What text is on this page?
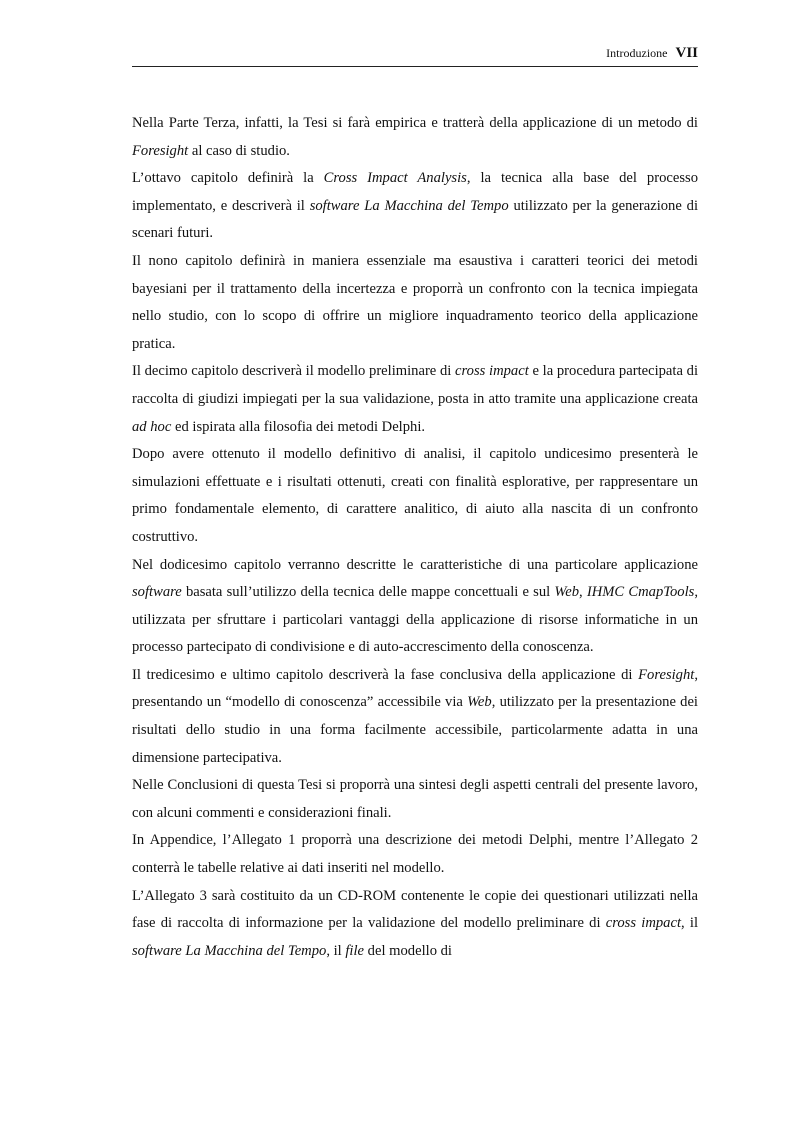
Introduzione VII

Nella Parte Terza, infatti, la Tesi si farà empirica e tratterà della applicazione di un metodo di Foresight al caso di studio.

L’ottavo capitolo definirà la Cross Impact Analysis, la tecnica alla base del processo implementato, e descriverà il software La Macchina del Tempo utilizzato per la generazione di scenari futuri.

Il nono capitolo definirà in maniera essenziale ma esaustiva i caratteri teorici dei metodi bayesiani per il trattamento della incertezza e proporrà un confronto con la tecnica impiegata nello studio, con lo scopo di offrire un migliore inquadramento teorico della applicazione pratica.

Il decimo capitolo descriverà il modello preliminare di cross impact e la procedura partecipata di raccolta di giudizi impiegati per la sua validazione, posta in atto tramite una applicazione creata ad hoc ed ispirata alla filosofia dei metodi Delphi.

Dopo avere ottenuto il modello definitivo di analisi, il capitolo undicesimo presenterà le simulazioni effettuate e i risultati ottenuti, creati con finalità esplorative, per rappresentare un primo fondamentale elemento, di carattere analitico, di aiuto alla nascita di un confronto costruttivo.

Nel dodicesimo capitolo verranno descritte le caratteristiche di una particolare applicazione software basata sull’utilizzo della tecnica delle mappe concettuali e sul Web, IHMC CmapTools, utilizzata per sfruttare i particolari vantaggi della applicazione di risorse informatiche in un processo partecipato di condivisione e di auto-accrescimento della conoscenza.

Il tredicesimo e ultimo capitolo descriverà la fase conclusiva della applicazione di Foresight, presentando un “modello di conoscenza” accessibile via Web, utilizzato per la presentazione dei risultati dello studio in una forma facilmente accessibile, particolarmente adatta in una dimensione partecipativa.

Nelle Conclusioni di questa Tesi si proporrà una sintesi degli aspetti centrali del presente lavoro, con alcuni commenti e considerazioni finali.

In Appendice, l’Allegato 1 proporrà una descrizione dei metodi Delphi, mentre l’Allegato 2 conterrà le tabelle relative ai dati inseriti nel modello.

L’Allegato 3 sarà costituito da un CD-ROM contenente le copie dei questionari utilizzati nella fase di raccolta di informazione per la validazione del modello preliminare di cross impact, il software La Macchina del Tempo, il file del modello di
